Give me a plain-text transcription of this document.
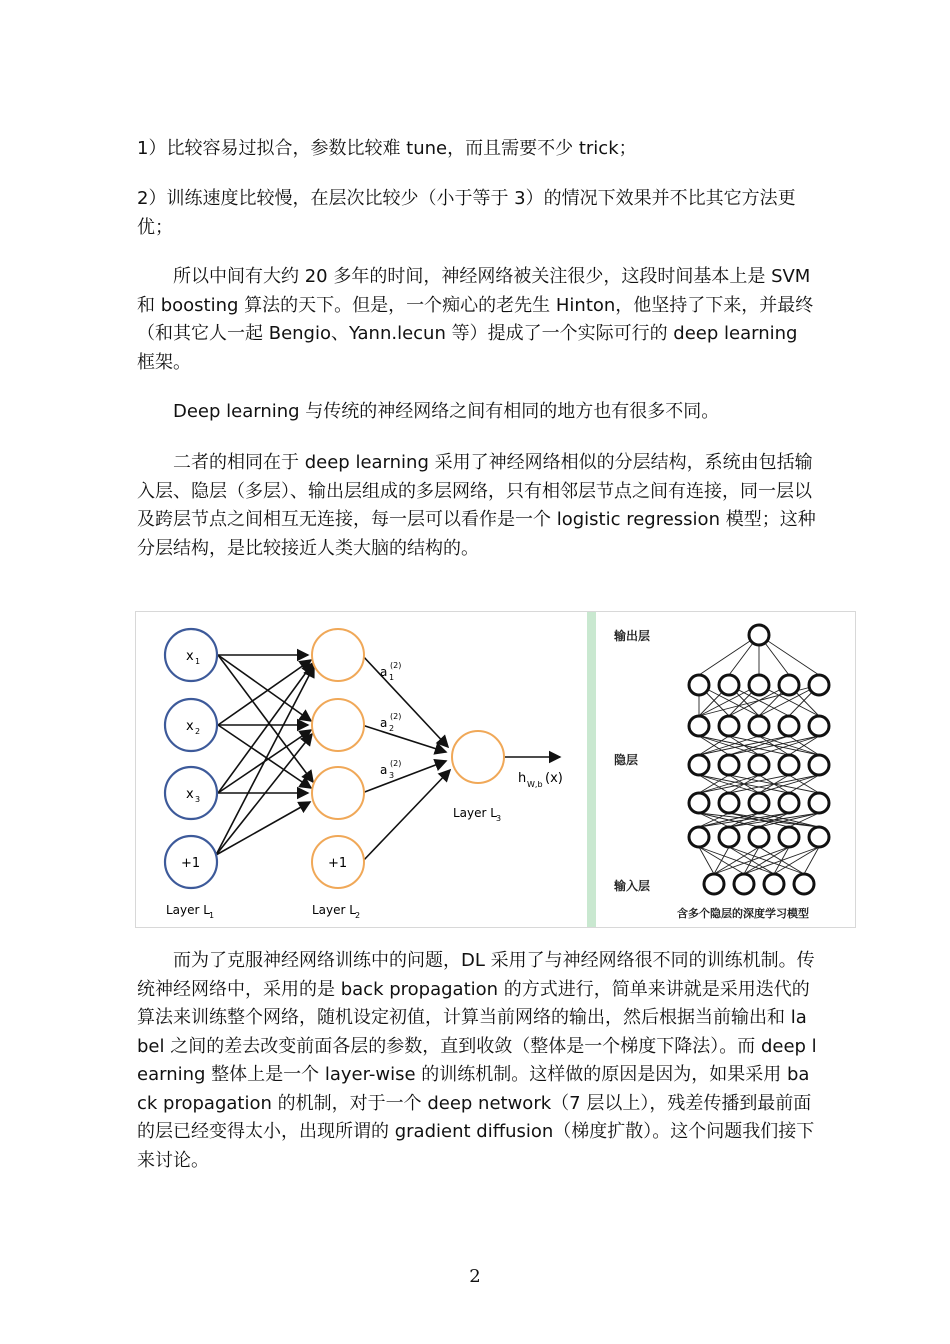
1）比较容易过拟合，参数比较难 tune，而且需要不少 trick；

2）训练速度比较慢，在层次比较少（小于等于 3）的情况下效果并不比其它方法更优；

　　所以中间有大约 20 多年的时间，神经网络被关注很少，这段时间基本上是 SVM 和 boosting 算法的天下。但是，一个痴心的老先生 Hinton，他坚持了下来，并最终（和其它人一起 Bengio、Yann.lecun 等）提成了一个实际可行的 deep learning 框架。

　　Deep learning 与传统的神经网络之间有相同的地方也有很多不同。

　　二者的相同在于 deep learning 采用了神经网络相似的分层结构，系统由包括输入层、隐层（多层）、输出层组成的多层网络，只有相邻层节点之间有连接，同一层以及跨层节点之间相互无连接，每一层可以看作是一个 logistic regression 模型；这种分层结构，是比较接近人类大脑的结构的。

　　而为了克服神经网络训练中的问题，DL 采用了与神经网络很不同的训练机制。传统神经网络中，采用的是 back propagation 的方式进行，简单来讲就是采用迭代的算法来训练整个网络，随机设定初值，计算当前网络的输出，然后根据当前输出和 label 之间的差去改变前面各层的参数，直到收敛（整体是一个梯度下降法）。而 deep learning 整体上是一个 layer-wise 的训练机制。这样做的原因是因为，如果采用 back propagation 的机制，对于一个 deep network（7 层以上），残差传播到最前面的层已经变得太小，出现所谓的 gradient diffusion（梯度扩散）。这个问题我们接下来讨论。

x 1
x 2
x 3
+1	+1
a (2)
1
a (2)
2
a (2)
3	h W,b (x)
Layer L 1	Layer L 2
Layer L 3
输出层
隐层
输入层
含多个隐层的深度学习模型
2
